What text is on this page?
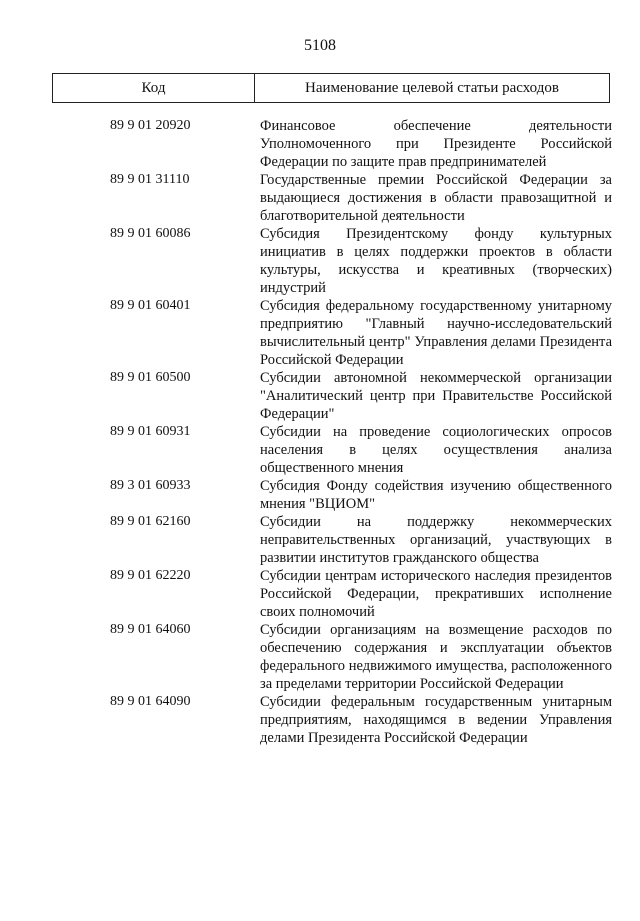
5108
Код	Наименование целевой статьи расходов
89 9 01 20920	Финансовое обеспечение деятельности Уполномоченного при Президенте Российской Федерации по защите прав предпринимателей
89 9 01 31110	Государственные премии Российской Федерации за выдающиеся достижения в области правозащитной и благотворительной деятельности
89 9 01 60086	Субсидия Президентскому фонду культурных инициатив в целях поддержки проектов в области культуры, искусства и креативных (творческих) индустрий
89 9 01 60401	Субсидия федеральному государственному унитарному предприятию "Главный научно-исследовательский вычислительный центр" Управления делами Президента Российской Федерации
89 9 01 60500	Субсидии автономной некоммерческой организации "Аналитический центр при Правительстве Российской Федерации"
89 9 01 60931	Субсидии на проведение социологических опросов населения в целях осуществления анализа общественного мнения
89 3 01 60933	Субсидия Фонду содействия изучению общественного мнения "ВЦИОМ"
89 9 01 62160	Субсидии на поддержку некоммерческих неправительственных организаций, участвующих в развитии институтов гражданского общества
89 9 01 62220	Субсидии центрам исторического наследия президентов Российской Федерации, прекративших исполнение своих полномочий
89 9 01 64060	Субсидии организациям на возмещение расходов по обеспечению содержания и эксплуатации объектов федерального недвижимого имущества, расположенного за пределами территории Российской Федерации
89 9 01 64090	Субсидии федеральным государственным унитарным предприятиям, находящимся в ведении Управления делами Президента Российской Федерации
